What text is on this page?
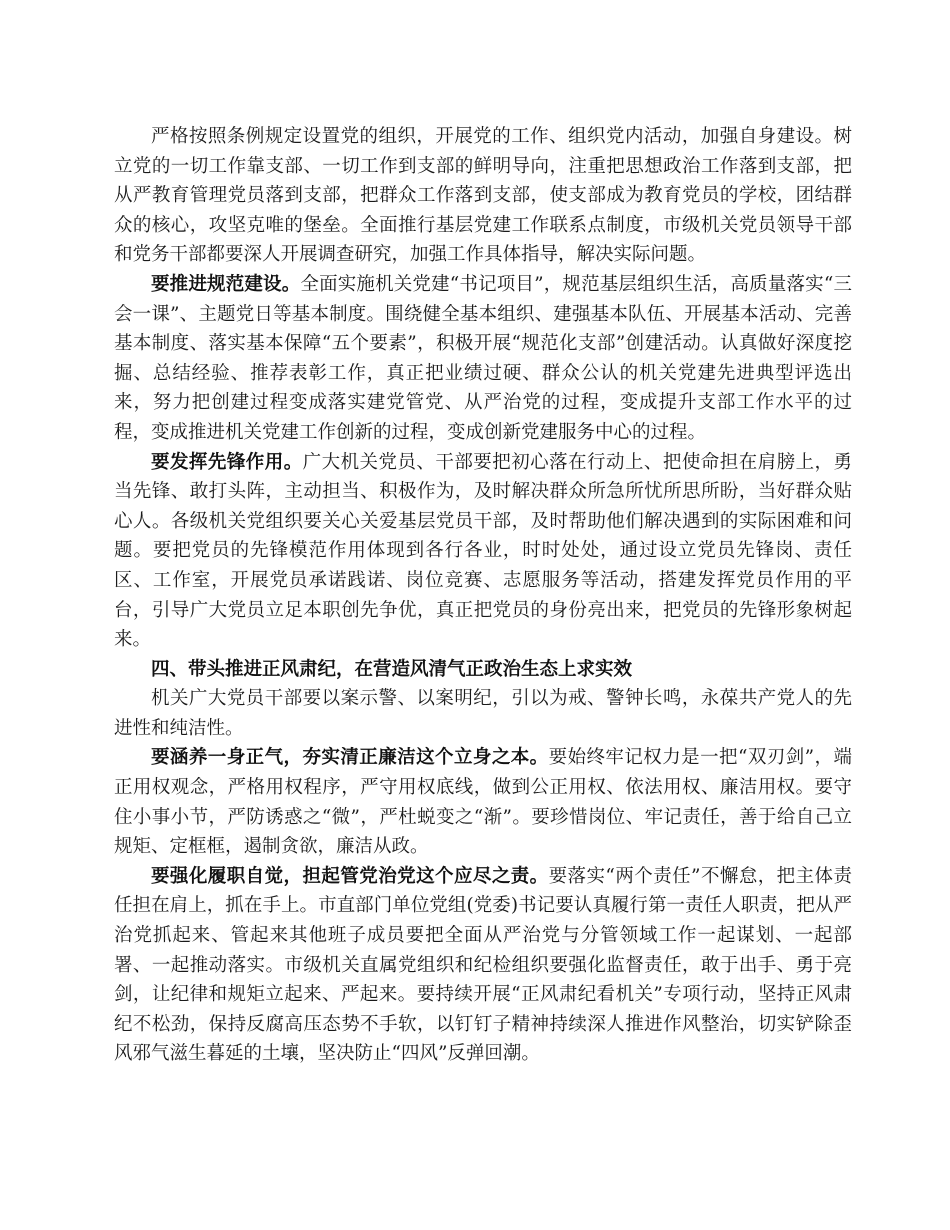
严格按照条例规定设置党的组织，开展党的工作、组织党内活动，加强自身建设。树立党的一切工作靠支部、一切工作到支部的鲜明导向，注重把思想政治工作落到支部，把从严教育管理党员落到支部，把群众工作落到支部，使支部成为教育党员的学校，团结群众的核心，攻坚克唯的堡垒。全面推行基层党建工作联系点制度，市级机关党员领导干部和党务干部都要深人开展调查研究，加强工作具体指导，解决实际问题。

要推进规范建设。全面实施机关党建“书记项目”，规范基层组织生活，高质量落实“三会一课”、主题党日等基本制度。围绕健全基本组织、建强基本队伍、开展基本活动、完善基本制度、落实基本保障“五个要素”，积极开展“规范化支部”创建活动。认真做好深度挖掘、总结经验、推荐表彰工作，真正把业绩过硬、群众公认的机关党建先进典型评选出来，努力把创建过程变成落实建党管党、从严治党的过程，变成提升支部工作水平的过程，变成推进机关党建工作创新的过程，变成创新党建服务中心的过程。

要发挥先锋作用。广大机关党员、干部要把初心落在行动上、把使命担在肩膀上，勇当先锋、敢打头阵，主动担当、积极作为，及时解决群众所急所忧所思所盼，当好群众贴心人。各级机关党组织要关心关爱基层党员干部，及时帮助他们解决遇到的实际困难和问题。要把党员的先锋模范作用体现到各行各业，时时处处，通过设立党员先锋岗、责任区、工作室，开展党员承诺践诺、岗位竞赛、志愿服务等活动，搭建发挥党员作用的平台，引导广大党员立足本职创先争优，真正把党员的身份亮出来，把党员的先锋形象树起来。

四、带头推进正风肃纪，在营造风清气正政治生态上求实效

机关广大党员干部要以案示警、以案明纪，引以为戒、警钟长鸣，永葆共产党人的先进性和纯洁性。

要涵养一身正气，夯实清正廉洁这个立身之本。要始终牢记权力是一把“双刃剑”，端正用权观念，严格用权程序，严守用权底线，做到公正用权、依法用权、廉洁用权。要守住小事小节，严防诱惑之“微”，严杜蜕变之“渐”。要珍惜岗位、牢记责任，善于给自己立规矩、定框框，遏制贪欲，廉洁从政。

要强化履职自觉，担起管党治党这个应尽之责。要落实“两个责任”不懈怠，把主体责任担在肩上，抓在手上。市直部门单位党组(党委)书记要认真履行第一责任人职责，把从严治党抓起来、管起来其他班子成员要把全面从严治党与分管领域工作一起谋划、一起部署、一起推动落实。市级机关直属党组织和纪检组织要强化监督责任，敢于出手、勇于亮剑，让纪律和规矩立起来、严起来。要持续开展“正风肃纪看机关”专项行动，坚持正风肃纪不松劲，保持反腐高压态势不手软，以钉钉子精神持续深人推进作风整治，切实铲除歪风邪气滋生暮延的土壤，坚决防止“四风”反弹回潮。
